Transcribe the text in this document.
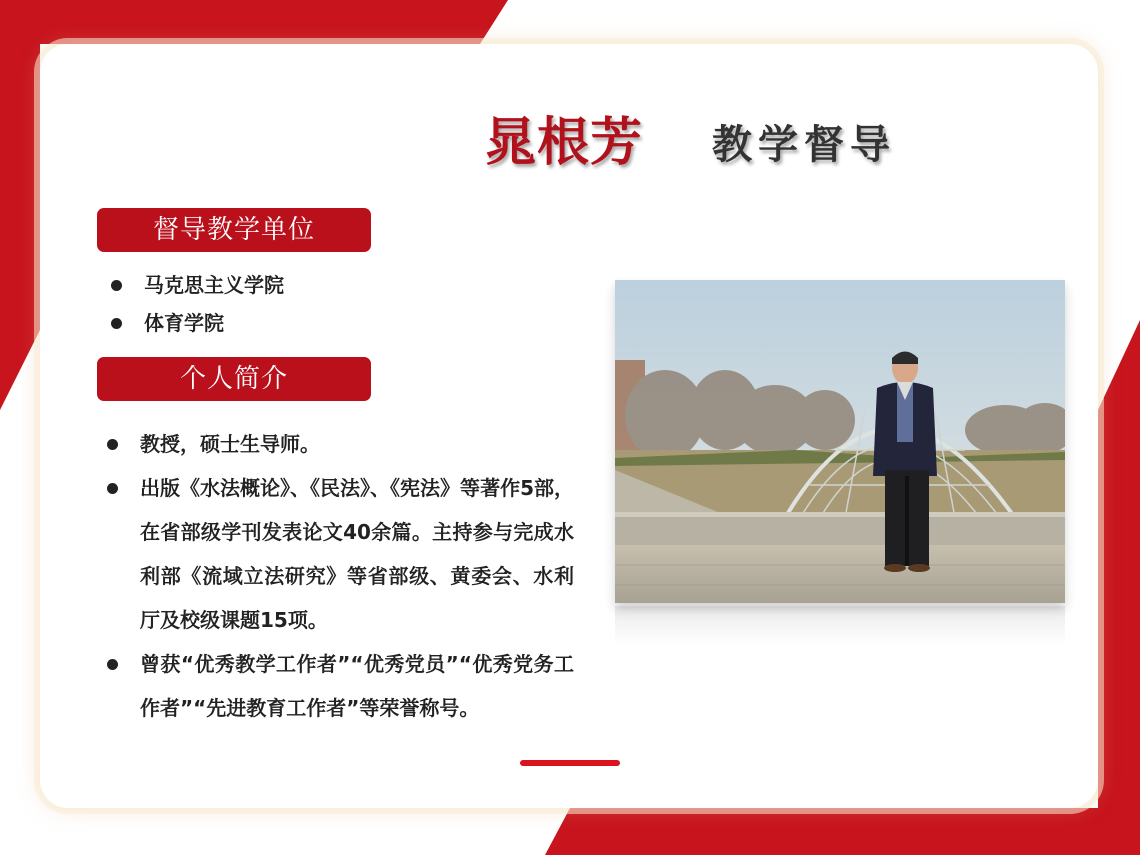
晁根芳 教学督导
督导教学单位
马克思主义学院
体育学院
个人简介
教授，硕士生导师。
出版《水法概论》、《民法》、《宪法》等著作5部，在省部级学刊发表论文40余篇。主持参与完成水利部《流域立法研究》等省部级、黄委会、水利厅及校级课题15项。
曾获“优秀教学工作者”“优秀党员”“优秀党务工作者”“先进教育工作者”等荣誉称号。
